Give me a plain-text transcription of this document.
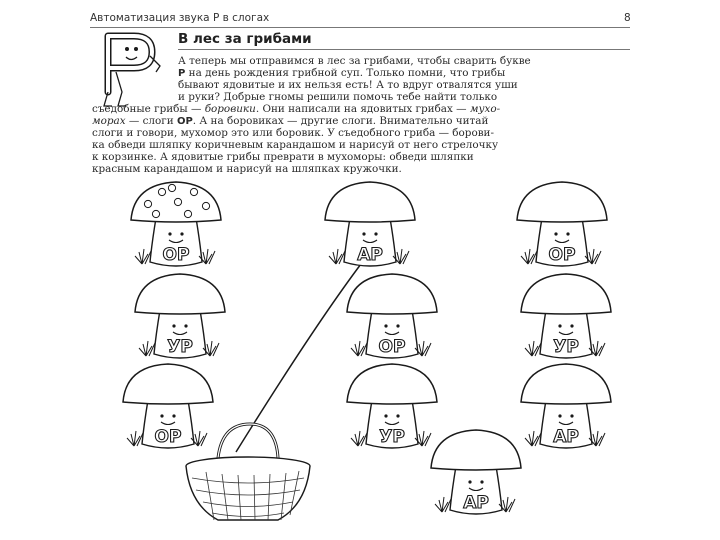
Автоматизация звука Р в слогах	8
В лес за грибами
А теперь мы отправимся в лес за грибами, чтобы сварить букве
Р на день рождения грибной суп. Только помни, что грибы
бывают ядовитые и их нельзя есть! А то вдруг отвалятся уши
и руки? Добрые гномы решили помочь тебе найти только
съедобные грибы — боровики. Они написали на ядовитых грибах — мухо-
морах — слоги ОР. А на боровиках — другие слоги. Внимательно читай
слоги и говори, мухомор это или боровик. У съедобного гриба — борови-
ка обведи шляпку коричневым карандашом и нарисуй от него стрелочку
к корзинке. А ядовитые грибы преврати в мухоморы: обведи шляпки
красным карандашом и нарисуй на шляпках кружочки.
ОР	АР	ОР
УР	ОР	УР
ОР	УР	АР
АР
